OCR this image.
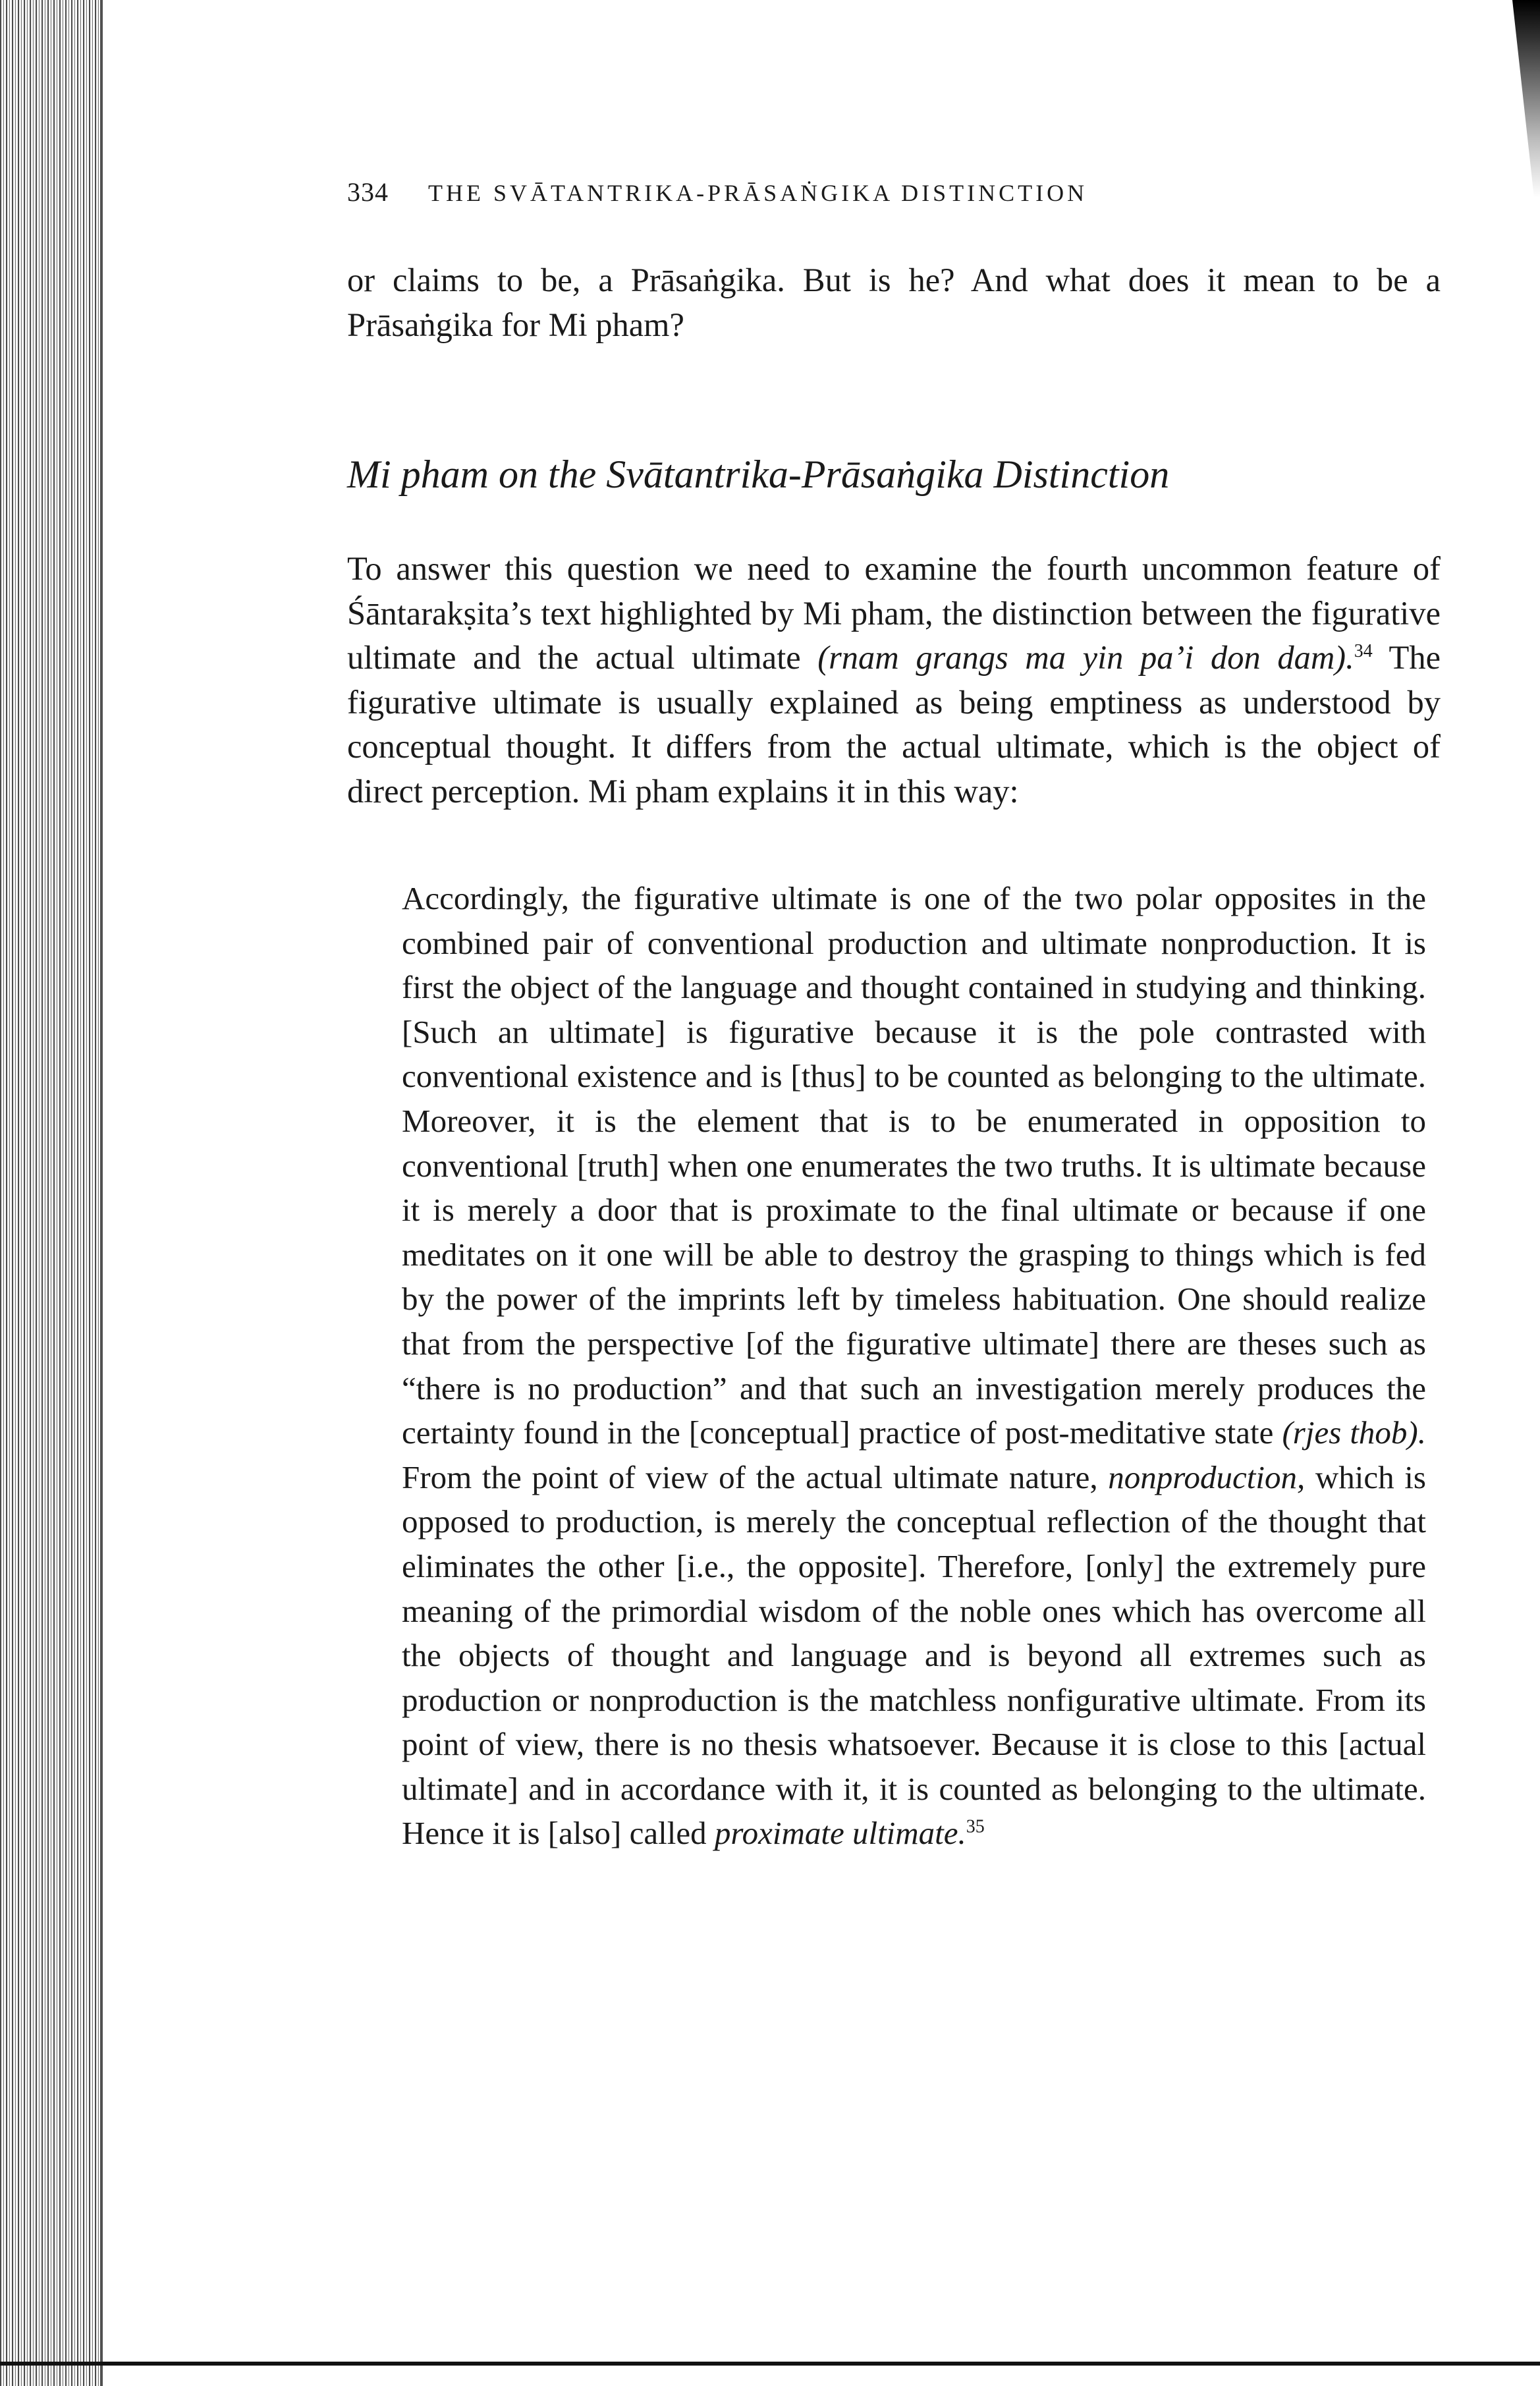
334 THE SVĀTANTRIKA-PRĀSAṄGIKA DISTINCTION

or claims to be, a Prāsaṅgika. But is he? And what does it mean to be a Prāsaṅgika for Mi pham?

Mi pham on the Svātantrika-Prāsaṅgika Distinction

To answer this question we need to examine the fourth uncommon feature of Śāntarakṣita’s text highlighted by Mi pham, the distinction between the figurative ultimate and the actual ultimate (rnam grangs ma yin pa’i don dam).$^{34}$ The figurative ultimate is usually explained as being emptiness as understood by conceptual thought. It differs from the actual ultimate, which is the object of direct perception. Mi pham explains it in this way:

Accordingly, the figurative ultimate is one of the two polar opposites in the combined pair of conventional production and ultimate nonproduction. It is first the object of the language and thought contained in studying and thinking. [Such an ultimate] is figurative because it is the pole contrasted with conventional existence and is [thus] to be counted as belonging to the ultimate. Moreover, it is the element that is to be enumerated in opposition to conventional [truth] when one enumerates the two truths. It is ultimate because it is merely a door that is proximate to the final ultimate or because if one meditates on it one will be able to destroy the grasping to things which is fed by the power of the imprints left by timeless habituation. One should realize that from the perspective [of the figurative ultimate] there are theses such as “there is no production” and that such an investigation merely produces the certainty found in the [conceptual] practice of post-meditative state (rjes thob). From the point of view of the actual ultimate nature, nonproduction, which is opposed to production, is merely the conceptual reflection of the thought that eliminates the other [i.e., the opposite]. Therefore, [only] the extremely pure meaning of the primordial wisdom of the noble ones which has overcome all the objects of thought and language and is beyond all extremes such as production or nonproduction is the matchless nonfigurative ultimate. From its point of view, there is no thesis whatsoever. Because it is close to this [actual ultimate] and in accordance with it, it is counted as belonging to the ultimate. Hence it is [also] called proximate ultimate.$^{35}$
